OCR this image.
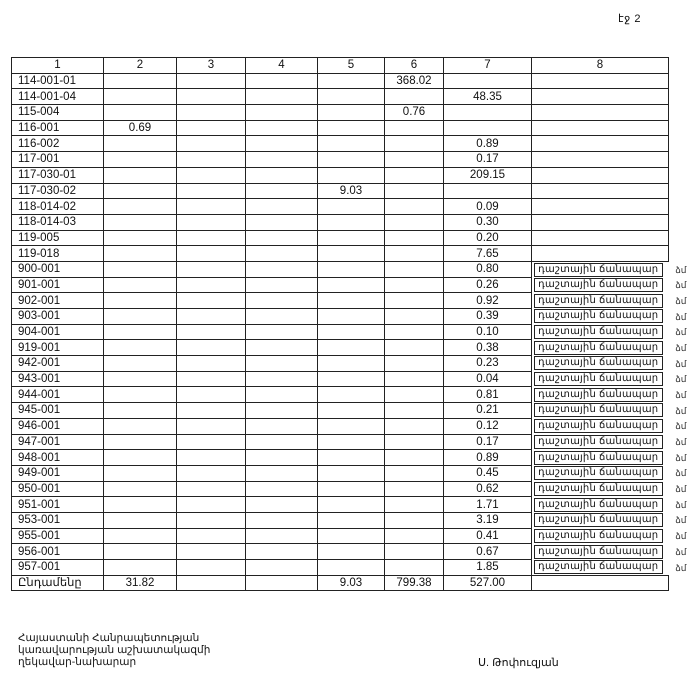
էջ 2
1	2	3	4	5	6	7	8
114-001-01					368.02		
114-001-04						48.35	
115-004					0.76		
116-001	0.69						
116-002						0.89	
117-001						0.17	
117-030-01						209.15	
117-030-02				9.03			
118-014-02						0.09	
118-014-03						0.30	
119-005						0.20	
119-018						7.65	
900-001						0.80	դաշտային ճանապար ձմ

901-001						0.26	դաշտային ճանապար ձմ

902-001						0.92	դաշտային ճանապար ձմ

903-001						0.39	դաշտային ճանապար ձմ

904-001						0.10	դաշտային ճանապար ձմ

919-001						0.38	դաշտային ճանապար ձմ

942-001						0.23	դաշտային ճանապար ձմ

943-001						0.04	դաշտային ճանապար ձմ

944-001						0.81	դաշտային ճանապար ձմ

945-001						0.21	դաշտային ճանապար ձմ

946-001						0.12	դաշտային ճանապար ձմ

947-001						0.17	դաշտային ճանապար ձմ

948-001						0.89	դաշտային ճանապար ձմ

949-001						0.45	դաշտային ճանապար ձմ

950-001						0.62	դաշտային ճանապար ձմ

951-001						1.71	դաշտային ճանապար ձմ

953-001						3.19	դաշտային ճանապար ձմ

955-001						0.41	դաշտային ճանապար ձմ

956-001						0.67	դաշտային ճանապար ձմ

957-001						1.85	դաշտային ճանապար ձմ

Ընդամենը	31.82			9.03	799.38	527.00	
Հայաստանի Հանրապետության
կառավարության աշխատակազմի
ղեկավար-նախարար	Ս. Թոփուզյան
